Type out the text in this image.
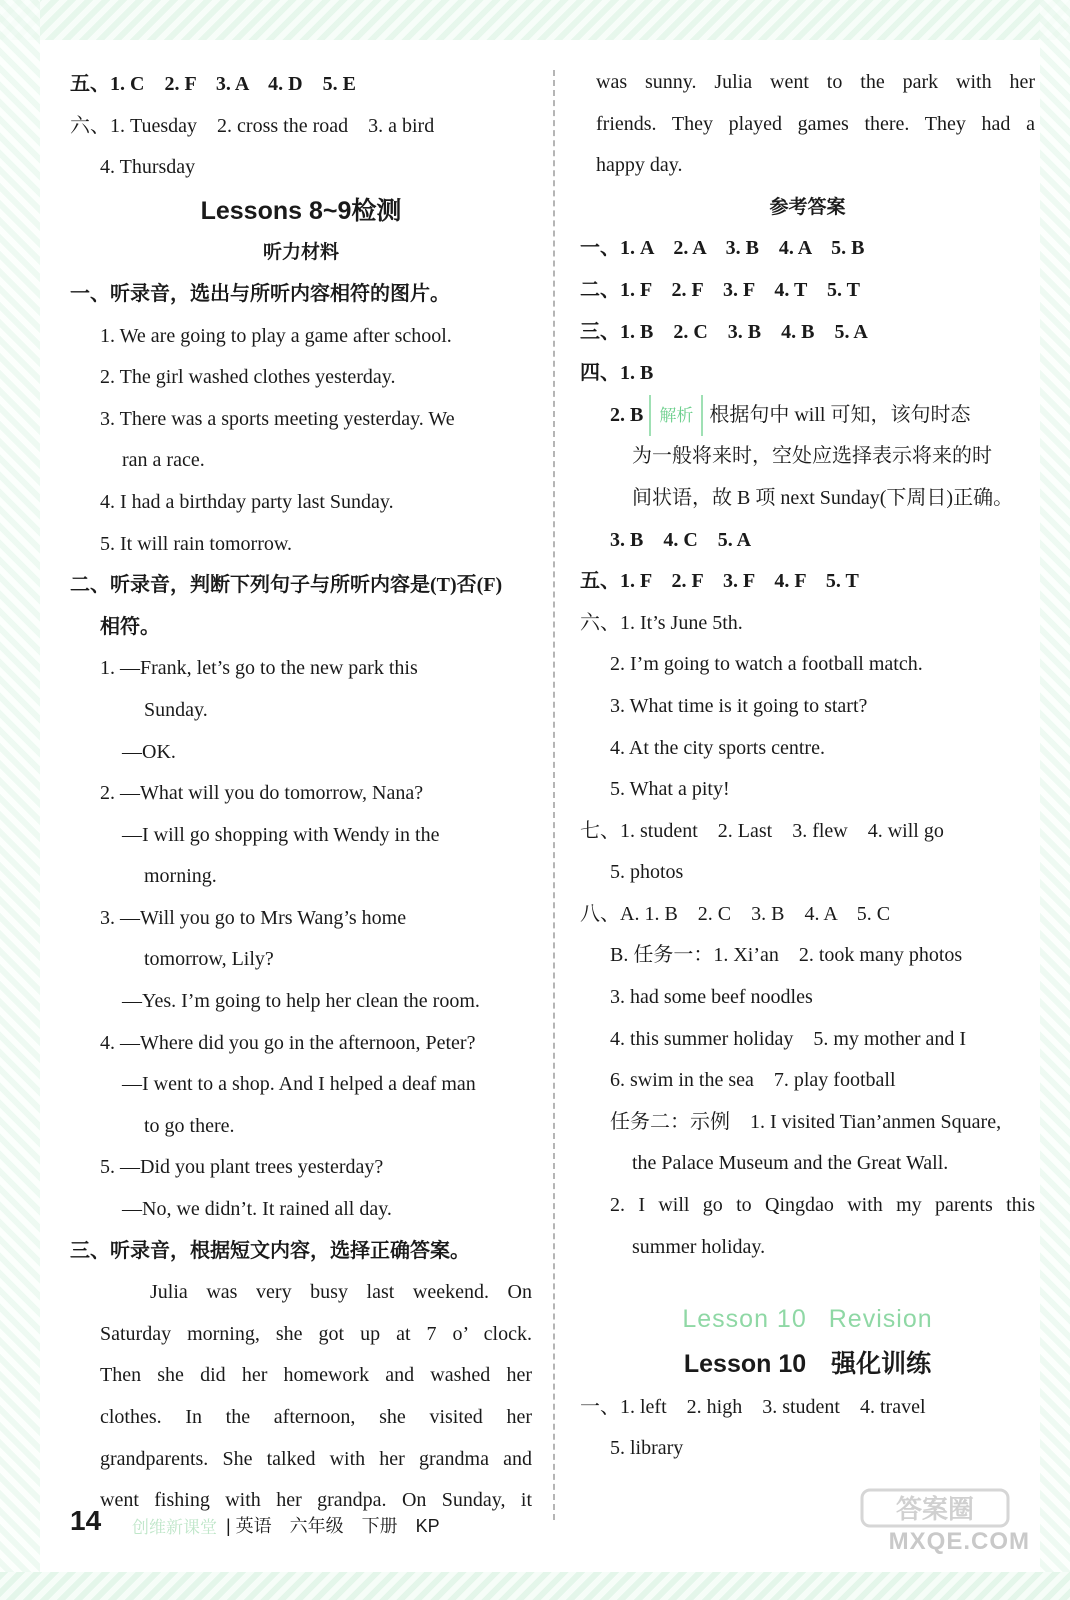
五、1. C　2. F　3. A　4. D　5. E
六、1. Tuesday　2. cross the road　3. a bird
4. Thursday
Lessons 8~9检测
听力材料
一、听录音，选出与所听内容相符的图片。
1. We are going to play a game after school.
2. The girl washed clothes yesterday.
3. There was a sports meeting yesterday. We
ran a race.
4. I had a birthday party last Sunday.
5. It will rain tomorrow.
二、听录音，判断下列句子与所听内容是(T)否(F)
相符。
1. —Frank, let’s go to the new park this
Sunday.
—OK.
2. —What will you do tomorrow, Nana?
—I will go shopping with Wendy in the
morning.
3. —Will you go to Mrs Wang’s home
tomorrow, Lily?
—Yes. I’m going to help her clean the room.
4. —Where did you go in the afternoon, Peter?
—I went to a shop. And I helped a deaf man
to go there.
5. —Did you plant trees yesterday?
—No, we didn’t. It rained all day.
三、听录音，根据短文内容，选择正确答案。
Julia was very busy last weekend. On
Saturday morning, she got up at 7 o’ clock.
Then she did her homework and washed her
clothes. In the afternoon, she visited her
grandparents. She talked with her grandma and
went fishing with her grandpa. On Sunday, it
was sunny. Julia went to the park with her
friends. They played games there. They had a
happy day.
参考答案
一、1. A　2. A　3. B　4. A　5. B
二、1. F　2. F　3. F　4. T　5. T
三、1. B　2. C　3. B　4. B　5. A
四、1. B
2. B 解析 根据句中 will 可知，该句时态
为一般将来时，空处应选择表示将来的时
间状语，故 B 项 next Sunday(下周日)正确。
3. B　4. C　5. A
五、1. F　2. F　3. F　4. F　5. T
六、1. It’s June 5th.
2. I’m going to watch a football match.
3. What time is it going to start?
4. At the city sports centre.
5. What a pity!
七、1. student　2. Last　3. flew　4. will go
5. photos
八、A. 1. B　2. C　3. B　4. A　5. C
B. 任务一：1. Xi’an　2. took many photos
3. had some beef noodles
4. this summer holiday　5. my mother and I
6. swim in the sea　7. play football
任务二：示例　1. I visited Tian’anmen Square,
the Palace Museum and the Great Wall.
2. I will go to Qingdao with my parents this
summer holiday.
Lesson 10 Revision
Lesson 10　强化训练
一、1. left　2. high　3. student　4. travel
5. library
14 创维新课堂 | 英语　六年级　下册　KP
答案圈
MXQE.COM
